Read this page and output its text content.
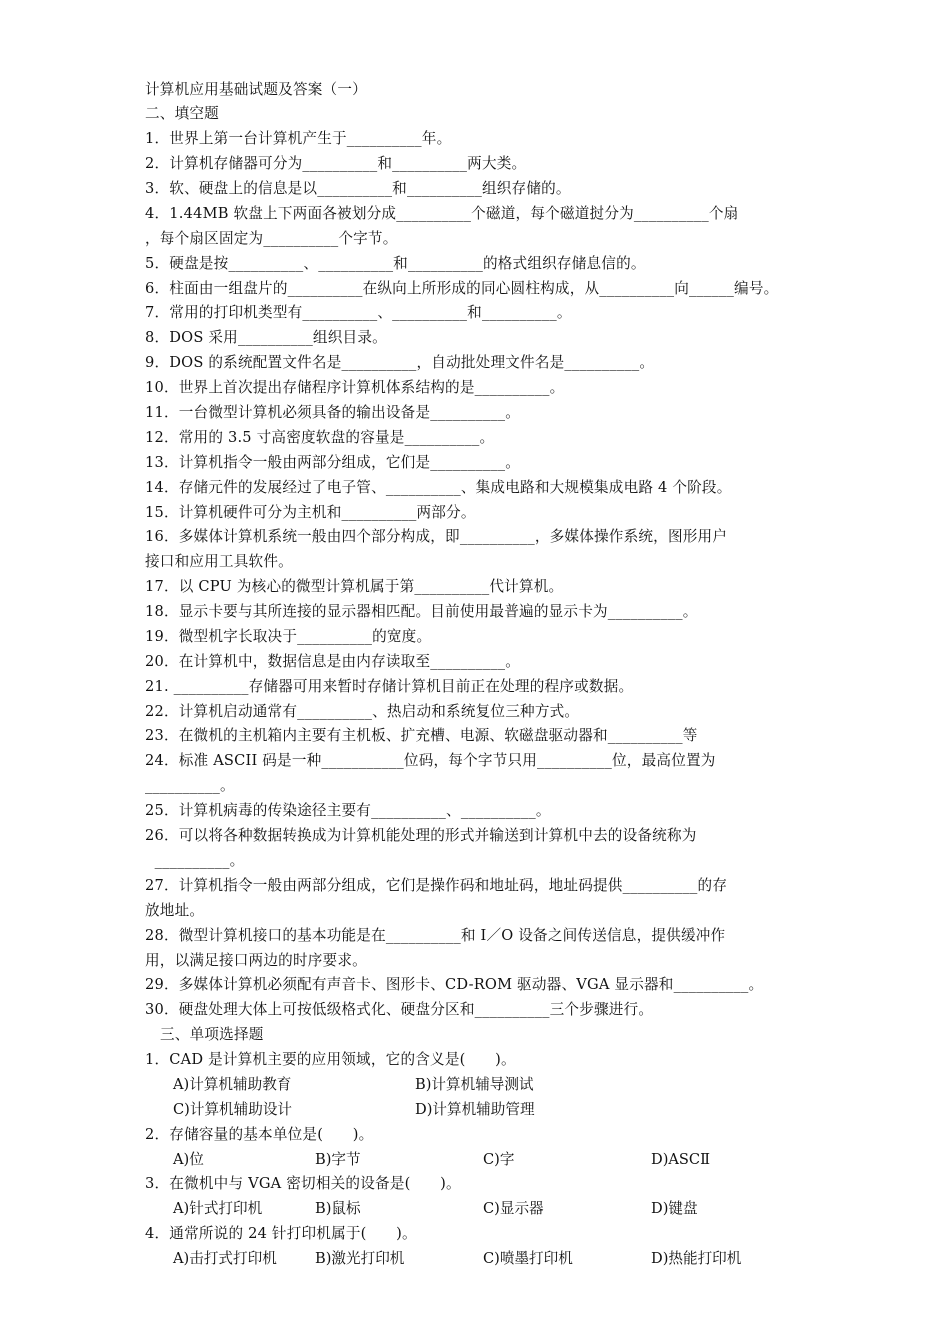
计算机应用基础试题及答案（一）
二、填空题
1．世界上第一台计算机产生于__________年。
2．计算机存储器可分为__________和__________两大类。
3．软、硬盘上的信息是以__________和__________组织存储的。
4．1.44MB 软盘上下两面各被划分成__________个磁道，每个磁道挝分为__________个扇
，每个扇区固定为__________个字节。
5．硬盘是按__________、__________和__________的格式组织存储息信的。
6．柱面由一组盘片的__________在纵向上所形成的同心圆柱构成，从__________向______编号。
7．常用的打印机类型有__________、__________和__________。
8．DOS 采用__________组织目录。
9．DOS 的系统配置文件名是__________，自动批处理文件名是__________。
10．世界上首次提出存储程序计算机体系结构的是__________。
11．一台微型计算机必须具备的输出设备是__________。
12．常用的 3.5 寸高密度软盘的容量是__________。
13．计算机指令一般由两部分组成，它们是__________。
14．存储元件的发展经过了电子管、__________、集成电路和大规模集成电路 4 个阶段。
15．计算机硬件可分为主机和__________两部分。
16．多媒体计算机系统一般由四个部分构成，即__________，多媒体操作系统，图形用户
接口和应用工具软件。
17．以 CPU 为核心的微型计算机属于第__________代计算机。
18．显示卡要与其所连接的显示器相匹配。目前使用最普遍的显示卡为__________。
19．微型机字长取决于__________的宽度。
20．在计算机中，数据信息是由内存读取至__________。
21. __________存储器可用来暂时存储计算机目前正在处理的程序或数据。
22．计算机启动通常有__________、热启动和系统复位三种方式。
23．在微机的主机箱内主要有主机板、扩充槽、电源、软磁盘驱动器和__________等
24．标准 ASCII 码是一种___________位码，每个字节只用__________位，最高位置为
__________。
25．计算机病毒的传染途径主要有__________、__________。
26．可以将各种数据转换成为计算机能处理的形式并输送到计算机中去的设备统称为
__________。
27．计算机指令一般由两部分组成，它们是操作码和地址码，地址码提供__________的存
放地址。
28．微型计算机接口的基本功能是在__________和 I／O 设备之间传送信息，提供缓冲作
用，以满足接口两边的时序要求。
29．多媒体计算机必须配有声音卡、图形卡、CD-ROM 驱动器、VGA 显示器和__________。
30．硬盘处理大体上可按低级格式化、硬盘分区和__________三个步骤进行。
三、单项选择题
1．CAD 是计算机主要的应用领域，它的含义是(　　)。
A)计算机辅助教育	B)计算机辅导测试
C)计算机辅助设计	D)计算机辅助管理
2．存储容量的基本单位是(　　)。
A)位	B)字节	C)字	D)ASCⅡ
3．在微机中与 VGA 密切相关的设备是(　　)。
A)针式打印机	B)鼠标	C)显示器	D)键盘
4．通常所说的 24 针打印机属于(　　)。
A)击打式打印机	B)激光打印机	C)喷墨打印机	D)热能打印机
